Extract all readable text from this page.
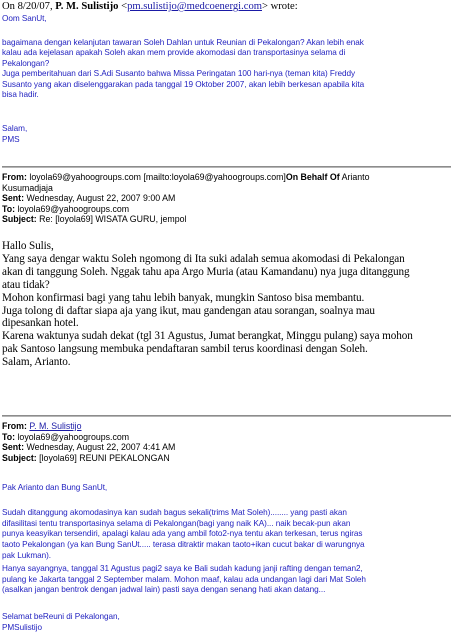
On 8/20/07, P. M. Sulistijo <pm.sulistijo@medcoenergi.com> wrote:
Oom SanUt,
bagaimana dengan kelanjutan tawaran Soleh Dahlan untuk Reunian di Pekalongan? Akan lebih enak
kalau ada kejelasan apakah Soleh akan mem provide akomodasi dan transportasinya selama di
Pekalongan?
Juga pemberitahuan dari S.Adi Susanto bahwa Missa Peringatan 100 hari-nya (teman kita) Freddy
Susanto yang akan diselenggarakan pada tanggal 19 Oktober 2007, akan lebih berkesan apabila kita
bisa hadir.
Salam,
PMS
From: loyola69@yahoogroups.com [mailto:loyola69@yahoogroups.com]On Behalf Of Arianto
Kusumadjaja
Sent: Wednesday, August 22, 2007 9:00 AM
To: loyola69@yahoogroups.com
Subject: Re: [loyola69] WISATA GURU, jempol
Hallo Sulis,
Yang saya dengar waktu Soleh ngomong di Ita suki adalah semua akomodasi di Pekalongan
akan di tanggung Soleh. Nggak tahu apa Argo Muria (atau Kamandanu) nya juga ditanggung
atau tidak?
Mohon konfirmasi bagi yang tahu lebih banyak, mungkin Santoso bisa membantu.
Juga tolong di daftar siapa aja yang ikut, mau gandengan atau sorangan, soalnya mau
dipesankan hotel.
Karena waktunya sudah dekat (tgl 31 Agustus, Jumat berangkat, Minggu pulang) saya mohon
pak Santoso langsung membuka pendaftaran sambil terus koordinasi dengan Soleh.
Salam, Arianto.
From: P. M. Sulistijo
To: loyola69@yahoogroups.com
Sent: Wednesday, August 22, 2007 4:41 AM
Subject: [loyola69] REUNI PEKALONGAN
Pak Arianto dan Bung SanUt,
Sudah ditanggung akomodasinya kan sudah bagus sekali(trims Mat Soleh)........ yang pasti akan
difasilitasi tentu transportasinya selama di Pekalongan(bagi yang naik KA)... naik becak-pun akan
punya keasyikan tersendiri, apalagi kalau ada yang ambil foto2-nya tentu akan terkesan, terus ngiras
taoto Pekalongan (ya kan Bung SanUt..... terasa ditraktir makan taoto+ikan cucut bakar di warungnya
pak Lukman).
Hanya sayangnya, tanggal 31 Agustus pagi2 saya ke Bali sudah kadung janji rafting dengan teman2,
pulang ke Jakarta tanggal 2 September malam. Mohon maaf, kalau ada undangan lagi dari Mat Soleh
(asalkan jangan bentrok dengan jadwal lain) pasti saya dengan senang hati akan datang...
Selamat beReuni di Pekalongan,
PMSulistijo
